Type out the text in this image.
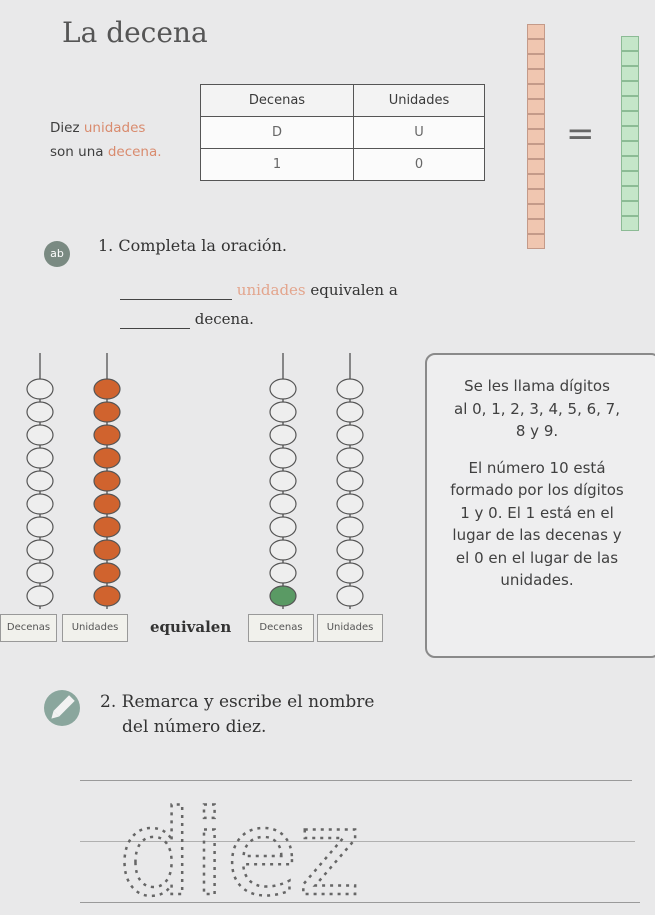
La decena
Diez unidades
son una decena.
Decenas	Unidades
D	U
1	0
=
ab	1. Completa la oración.
unidades equivalen a
decena.
Decenas	Unidades	equivalen	Decenas	Unidades
Se les llama dígitos
al 0, 1, 2, 3, 4, 5, 6, 7,
8 y 9.
El número 10 está
formado por los dígitos
1 y 0. El 1 está en el
lugar de las decenas y
el 0 en el lugar de las
unidades.
2. Remarca y escribe el nombre
del número diez.
diez
